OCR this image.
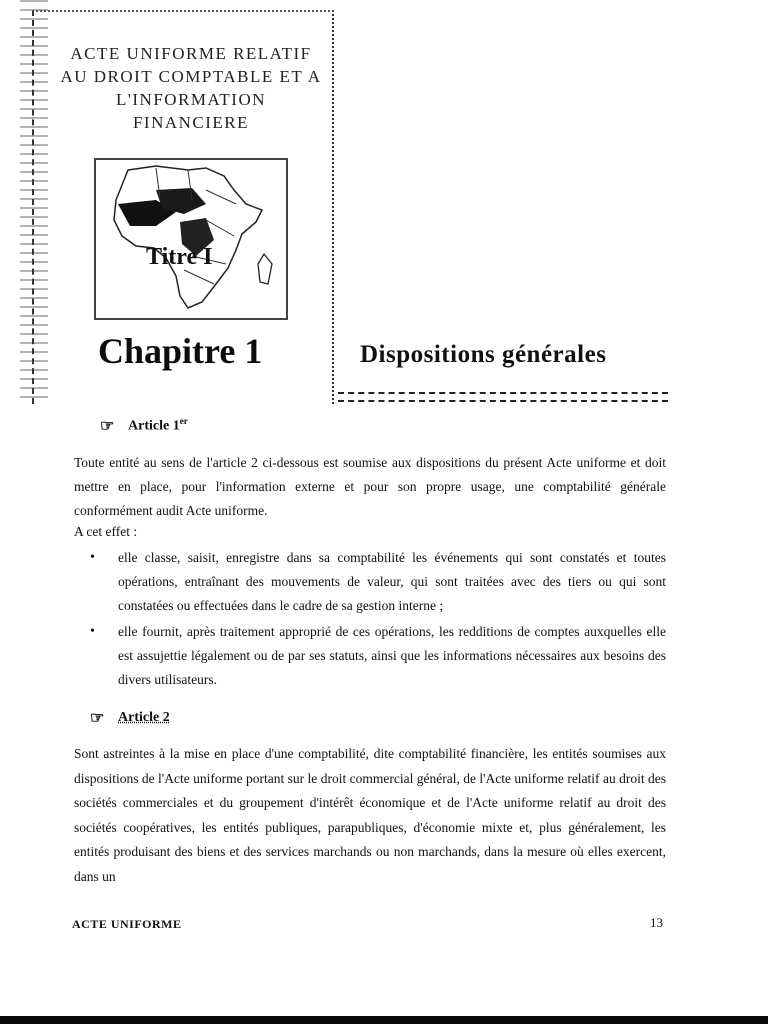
ACTE UNIFORME RELATIF
AU DROIT COMPTABLE ET A
L'INFORMATION
FINANCIERE
Titre I
Chapitre 1	Dispositions générales
☞ Article 1er
Toute entité au sens de l'article 2 ci-dessous est soumise aux dispositions du présent Acte uniforme et doit mettre en place, pour l'information externe et pour son propre usage, une comptabilité générale conformément audit Acte uniforme.
A cet effet :
• elle classe, saisit, enregistre dans sa comptabilité les événements qui sont constatés et toutes opérations, entraînant des mouvements de valeur, qui sont traitées avec des tiers ou qui sont constatées ou effectuées dans le cadre de sa gestion interne ;
• elle fournit, après traitement approprié de ces opérations, les redditions de comptes auxquelles elle est assujettie légalement ou de par ses statuts, ainsi que les informations nécessaires aux besoins des divers utilisateurs.
☞ Article 2
Sont astreintes à la mise en place d'une comptabilité, dite comptabilité financière, les entités soumises aux dispositions de l'Acte uniforme portant sur le droit commercial général, de l'Acte uniforme relatif au droit des sociétés commerciales et du groupement d'intérêt économique et de l'Acte uniforme relatif au droit des sociétés coopératives, les entités publiques, parapubliques, d'économie mixte et, plus généralement, les entités produisant des biens et des services marchands ou non marchands, dans la mesure où elles exercent, dans un
ACTE UNIFORME	13
